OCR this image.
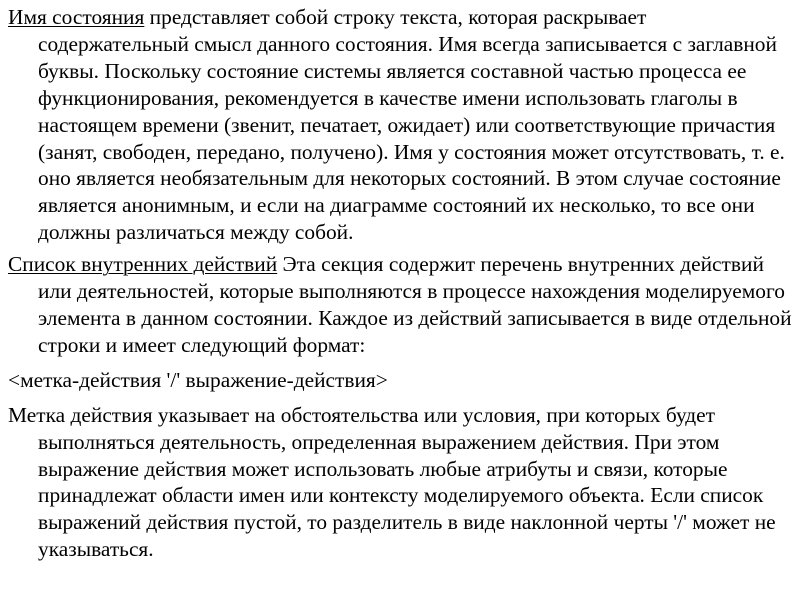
Имя состояния представляет собой строку текста, которая раскрывает содержательный смысл данного состояния. Имя всегда записывается с заглавной буквы. Поскольку состояние системы является составной частью процесса ее функционирования, рекомендуется в качестве имени использовать глаголы в настоящем времени (звенит, печатает, ожидает) или соответствующие причастия (занят, свободен, передано, получено). Имя у состояния может отсутствовать, т. е. оно является необязательным для некоторых состояний. В этом случае состояние является анонимным, и если на диаграмме состояний их несколько, то все они должны различаться между собой.

Список внутренних действий Эта секция содержит перечень внутренних действий или деятельностей, которые выполняются в процессе нахождения моделируемого элемента в данном состоянии. Каждое из действий записывается в виде отдельной строки и имеет следующий формат:

<метка-действия '/' выражение-действия>

Метка действия указывает на обстоятельства или условия, при которых будет выполняться деятельность, определенная выражением действия. При этом выражение действия может использовать любые атрибуты и связи, которые принадлежат области имен или контексту моделируемого объекта. Если список выражений действия пустой, то разделитель в виде наклонной черты '/' может не указываться.
